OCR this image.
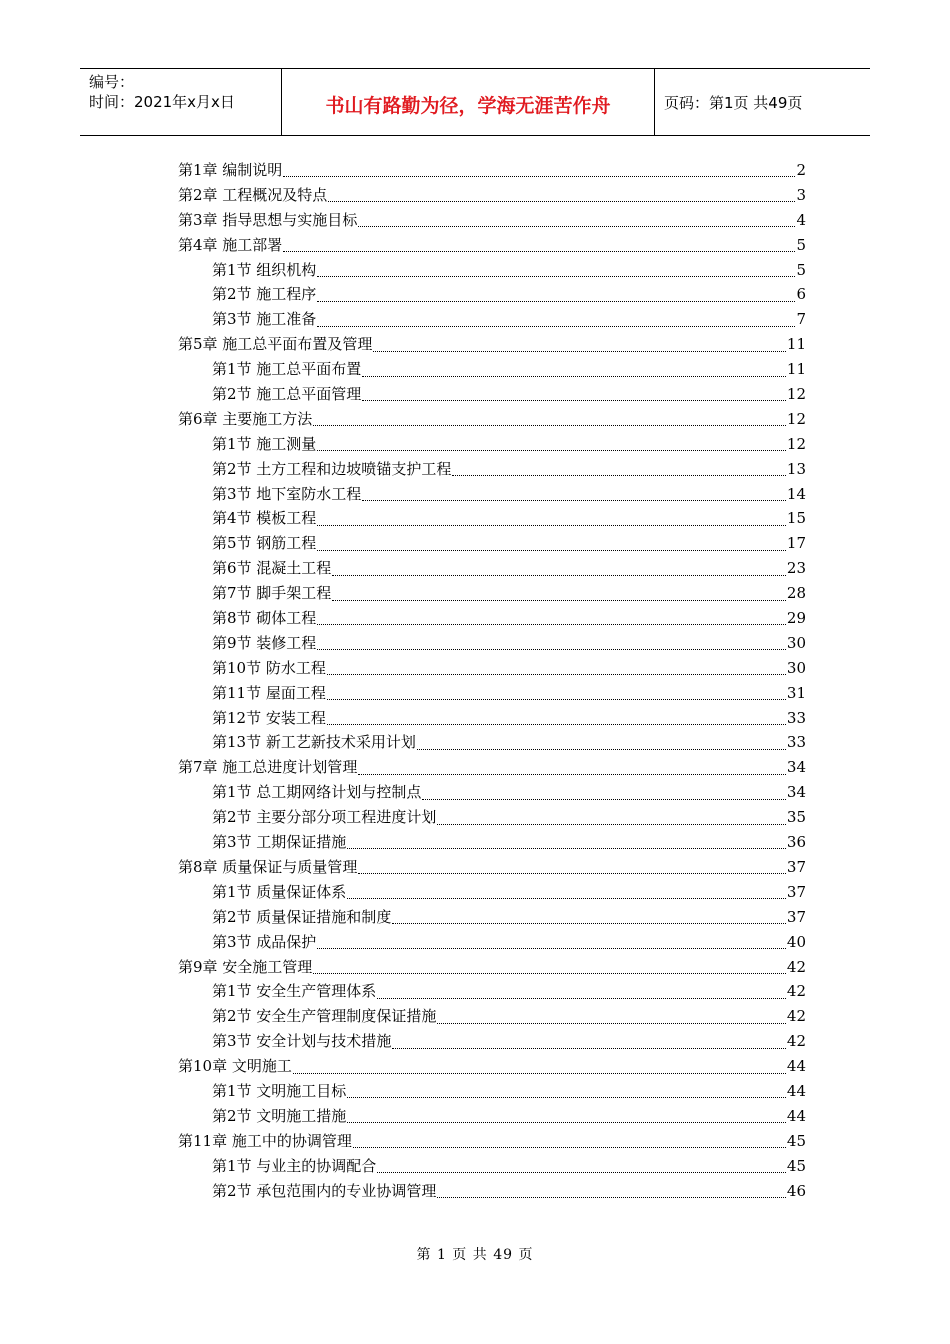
编号：
时间：2021年x月x日	书山有路勤为径，学海无涯苦作舟	页码：第1页 共49页
第1章 编制说明	2
第2章 工程概况及特点	3
第3章 指导思想与实施目标	4
第4章 施工部署	5
第1节 组织机构	5
第2节 施工程序	6
第3节 施工准备	7
第5章 施工总平面布置及管理	11
第1节 施工总平面布置	11
第2节 施工总平面管理	12
第6章 主要施工方法	12
第1节 施工测量	12
第2节 土方工程和边坡喷锚支护工程	13
第3节 地下室防水工程	14
第4节 模板工程	15
第5节 钢筋工程	17
第6节 混凝土工程	23
第7节 脚手架工程	28
第8节 砌体工程	29
第9节 装修工程	30
第10节 防水工程	30
第11节 屋面工程	31
第12节 安装工程	33
第13节 新工艺新技术采用计划	33
第7章 施工总进度计划管理	34
第1节 总工期网络计划与控制点	34
第2节 主要分部分项工程进度计划	35
第3节 工期保证措施	36
第8章 质量保证与质量管理	37
第1节 质量保证体系	37
第2节 质量保证措施和制度	37
第3节 成品保护	40
第9章 安全施工管理	42
第1节 安全生产管理体系	42
第2节 安全生产管理制度保证措施	42
第3节 安全计划与技术措施	42
第10章 文明施工	44
第1节 文明施工目标	44
第2节 文明施工措施	44
第11章 施工中的协调管理	45
第1节 与业主的协调配合	45
第2节 承包范围内的专业协调管理	46
第 1 页 共 49 页
